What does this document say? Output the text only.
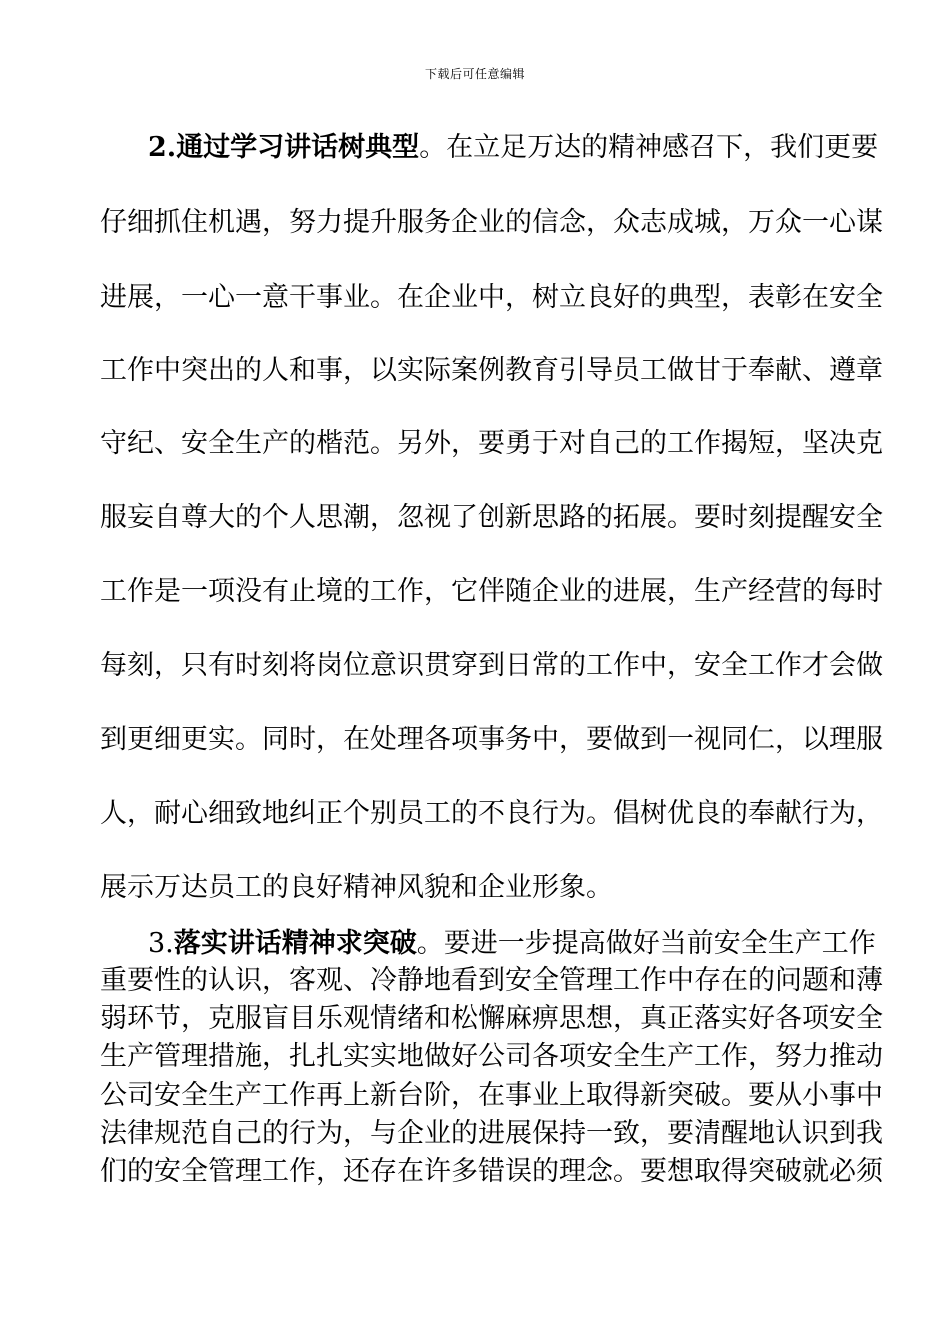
下载后可任意编辑
2.通过学习讲话树典型。在立足万达的精神感召下，我们更要
仔细抓住机遇，努力提升服务企业的信念，众志成城，万众一心谋
进展，一心一意干事业。在企业中，树立良好的典型，表彰在安全
工作中突出的人和事，以实际案例教育引导员工做甘于奉献、遵章
守纪、安全生产的楷范。另外，要勇于对自己的工作揭短，坚决克
服妄自尊大的个人思潮，忽视了创新思路的拓展。要时刻提醒安全
工作是一项没有止境的工作，它伴随企业的进展，生产经营的每时
每刻，只有时刻将岗位意识贯穿到日常的工作中，安全工作才会做
到更细更实。同时，在处理各项事务中，要做到一视同仁，以理服
人，耐心细致地纠正个别员工的不良行为。倡树优良的奉献行为，
展示万达员工的良好精神风貌和企业形象。
3.落实讲话精神求突破。要进一步提高做好当前安全生产工作
重要性的认识，客观、冷静地看到安全管理工作中存在的问题和薄
弱环节，克服盲目乐观情绪和松懈麻痹思想，真正落实好各项安全
生产管理措施，扎扎实实地做好公司各项安全生产工作，努力推动
公司安全生产工作再上新台阶，在事业上取得新突破。要从小事中
法律规范自己的行为，与企业的进展保持一致，要清醒地认识到我
们的安全管理工作，还存在许多错误的理念。要想取得突破就必须
